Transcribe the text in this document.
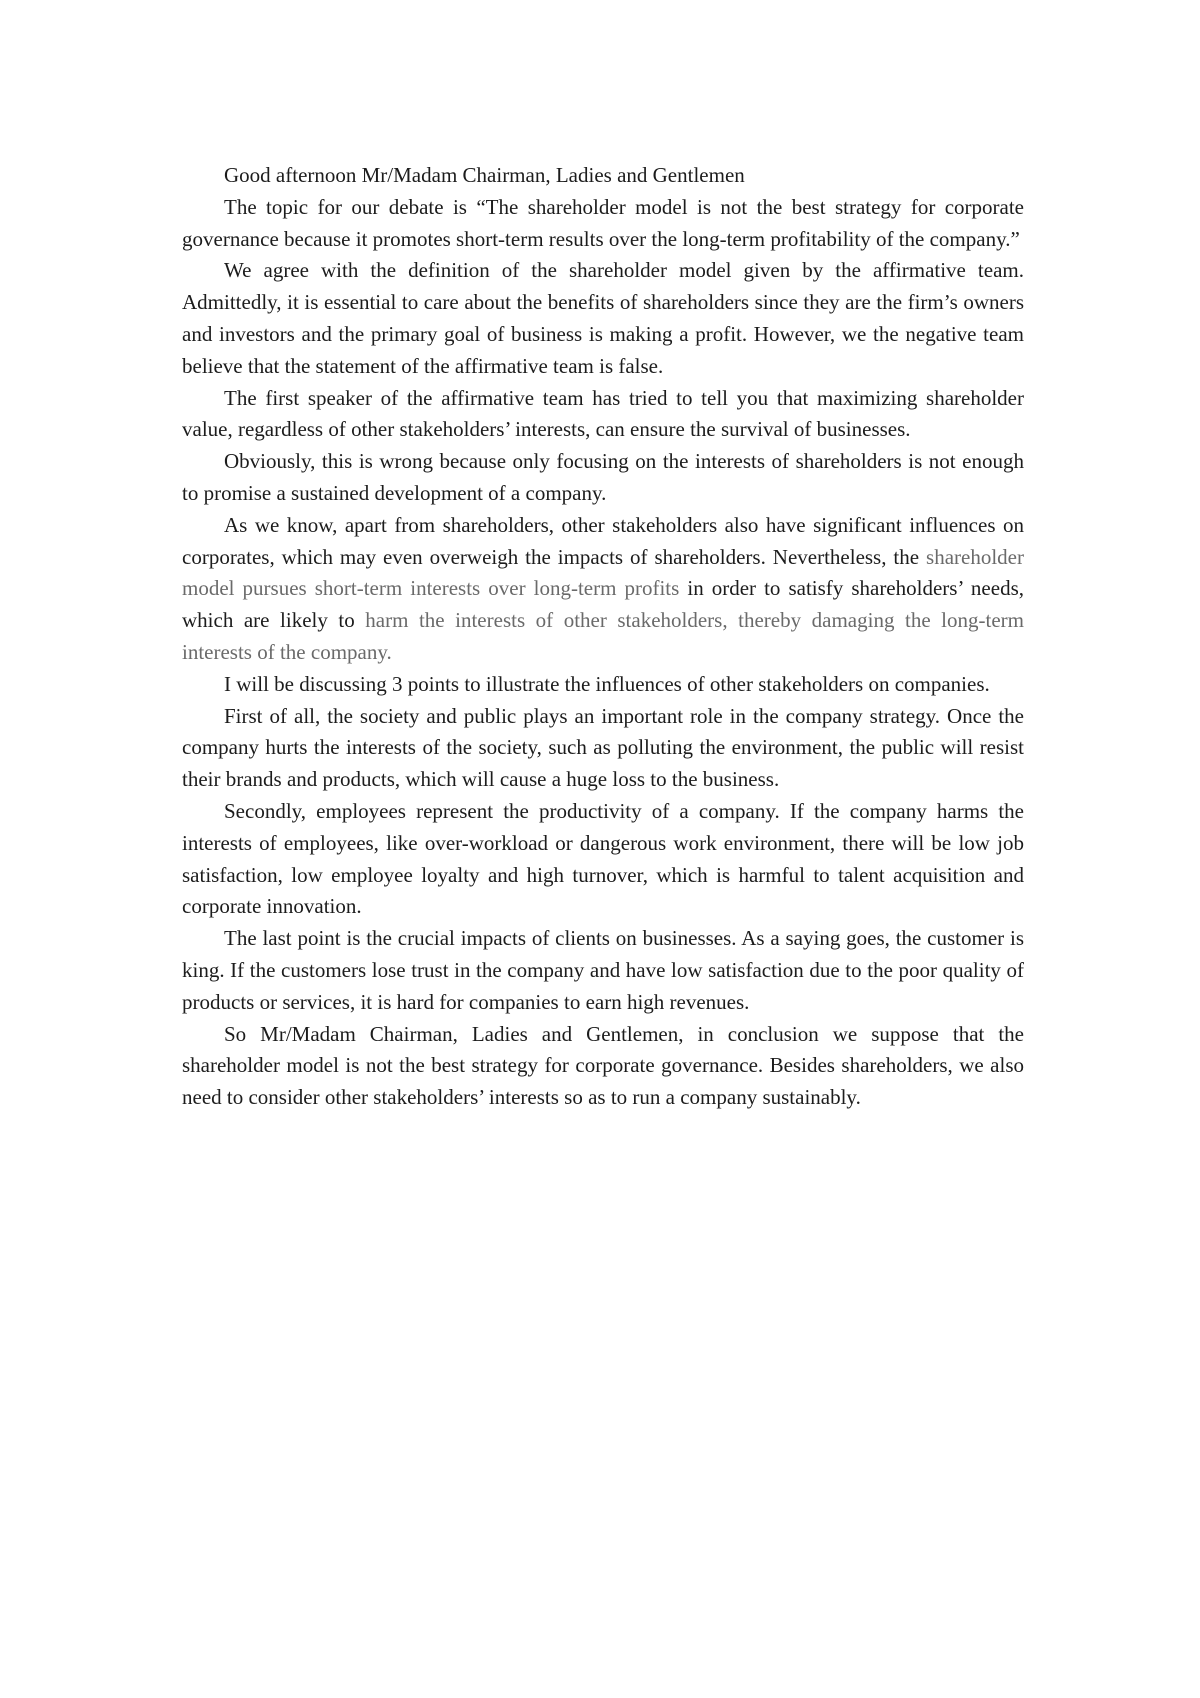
Good afternoon Mr/Madam Chairman, Ladies and Gentlemen

The topic for our debate is “The shareholder model is not the best strategy for corporate governance because it promotes short-term results over the long-term profitability of the company.”

We agree with the definition of the shareholder model given by the affirmative team. Admittedly, it is essential to care about the benefits of shareholders since they are the firm’s owners and investors and the primary goal of business is making a profit. However, we the negative team believe that the statement of the affirmative team is false.

The first speaker of the affirmative team has tried to tell you that maximizing shareholder value, regardless of other stakeholders’ interests, can ensure the survival of businesses.

Obviously, this is wrong because only focusing on the interests of shareholders is not enough to promise a sustained development of a company.

As we know, apart from shareholders, other stakeholders also have significant influences on corporates, which may even overweigh the impacts of shareholders. Nevertheless, the shareholder model pursues short-term interests over long-term profits in order to satisfy shareholders’ needs, which are likely to harm the interests of other stakeholders, thereby damaging the long-term interests of the company.

I will be discussing 3 points to illustrate the influences of other stakeholders on companies.

First of all, the society and public plays an important role in the company strategy. Once the company hurts the interests of the society, such as polluting the environment, the public will resist their brands and products, which will cause a huge loss to the business.

Secondly, employees represent the productivity of a company. If the company harms the interests of employees, like over-workload or dangerous work environment, there will be low job satisfaction, low employee loyalty and high turnover, which is harmful to talent acquisition and corporate innovation.

The last point is the crucial impacts of clients on businesses. As a saying goes, the customer is king. If the customers lose trust in the company and have low satisfaction due to the poor quality of products or services, it is hard for companies to earn high revenues.

So Mr/Madam Chairman, Ladies and Gentlemen, in conclusion we suppose that the shareholder model is not the best strategy for corporate governance. Besides shareholders, we also need to consider other stakeholders’ interests so as to run a company sustainably.
